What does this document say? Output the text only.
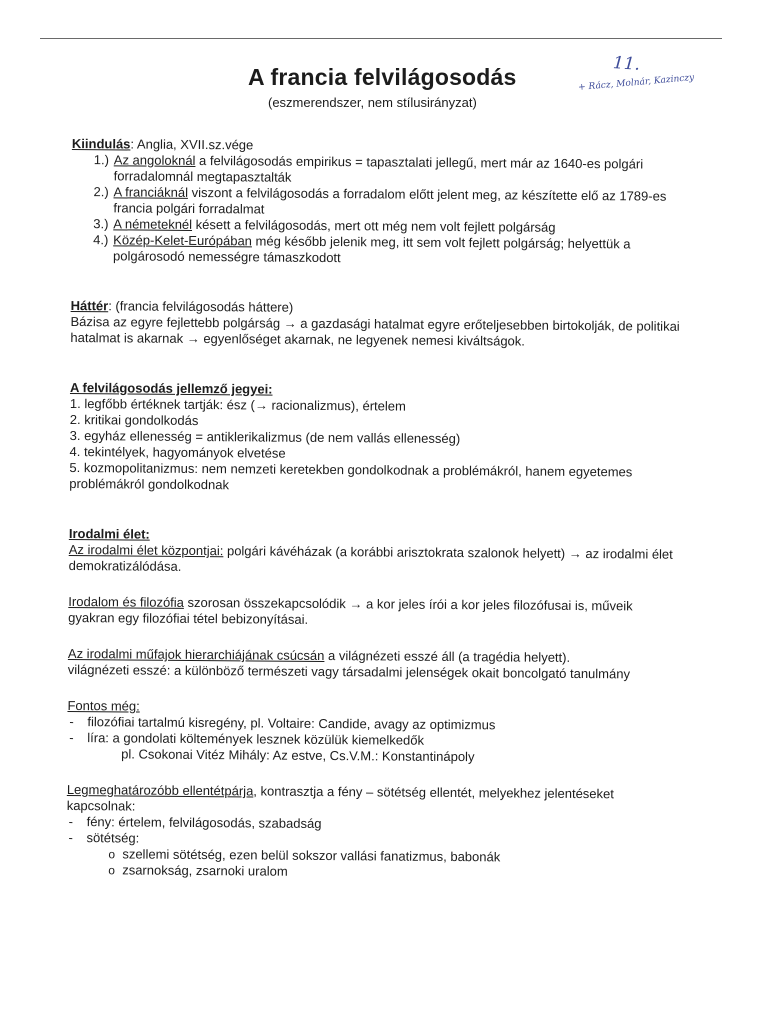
11.
+ Rácz, Molnár, Kazinczy
A francia felvilágosodás
(eszmerendszer, nem stílusirányzat)
Kiindulás: Anglia, XVII.sz.vége
1.) Az angoloknál a felvilágosodás empirikus = tapasztalati jellegű, mert már az 1640-es polgári forradalomnál megtapasztalták
2.) A franciáknál viszont a felvilágosodás a forradalom előtt jelent meg, az készítette elő az 1789-es francia polgári forradalmat
3.) A németeknél késett a felvilágosodás, mert ott még nem volt fejlett polgárság
4.) Közép-Kelet-Európában még később jelenik meg, itt sem volt fejlett polgárság; helyettük a polgárosodó nemességre támaszkodott
Háttér: (francia felvilágosodás háttere)
Bázisa az egyre fejlettebb polgárság → a gazdasági hatalmat egyre erőteljesebben birtokolják, de politikai hatalmat is akarnak → egyenlőséget akarnak, ne legyenek nemesi kiváltságok.
A felvilágosodás jellemző jegyei:
1. legfőbb értéknek tartják: ész (→ racionalizmus), értelem
2. kritikai gondolkodás
3. egyház ellenesség = antiklerikalizmus (de nem vallás ellenesség)
4. tekintélyek, hagyományok elvetése
5. kozmopolitanizmus: nem nemzeti keretekben gondolkodnak a problémákról, hanem egyetemes problémákról gondolkodnak
Irodalmi élet:
Az irodalmi élet központjai: polgári kávéházak (a korábbi arisztokrata szalonok helyett) → az irodalmi élet demokratizálódása.
Irodalom és filozófia szorosan összekapcsolódik → a kor jeles írói a kor jeles filozófusai is, műveik gyakran egy filozófiai tétel bebizonyításai.
Az irodalmi műfajok hierarchiájának csúcsán a világnézeti esszé áll (a tragédia helyett).
világnézeti esszé: a különböző természeti vagy társadalmi jelenségek okait boncolgató tanulmány
Fontos még:
- filozófiai tartalmú kisregény, pl. Voltaire: Candide, avagy az optimizmus
- líra: a gondolati költemények lesznek közülük kiemelkedők
pl. Csokonai Vitéz Mihály: Az estve, Cs.V.M.: Konstantinápoly
Legmeghatározóbb ellentétpárja, kontrasztja a fény – sötétség ellentét, melyekhez jelentéseket kapcsolnak:
- fény: értelem, felvilágosodás, szabadság
- sötétség:
o szellemi sötétség, ezen belül sokszor vallási fanatizmus, babonák
o zsarnokság, zsarnoki uralom
